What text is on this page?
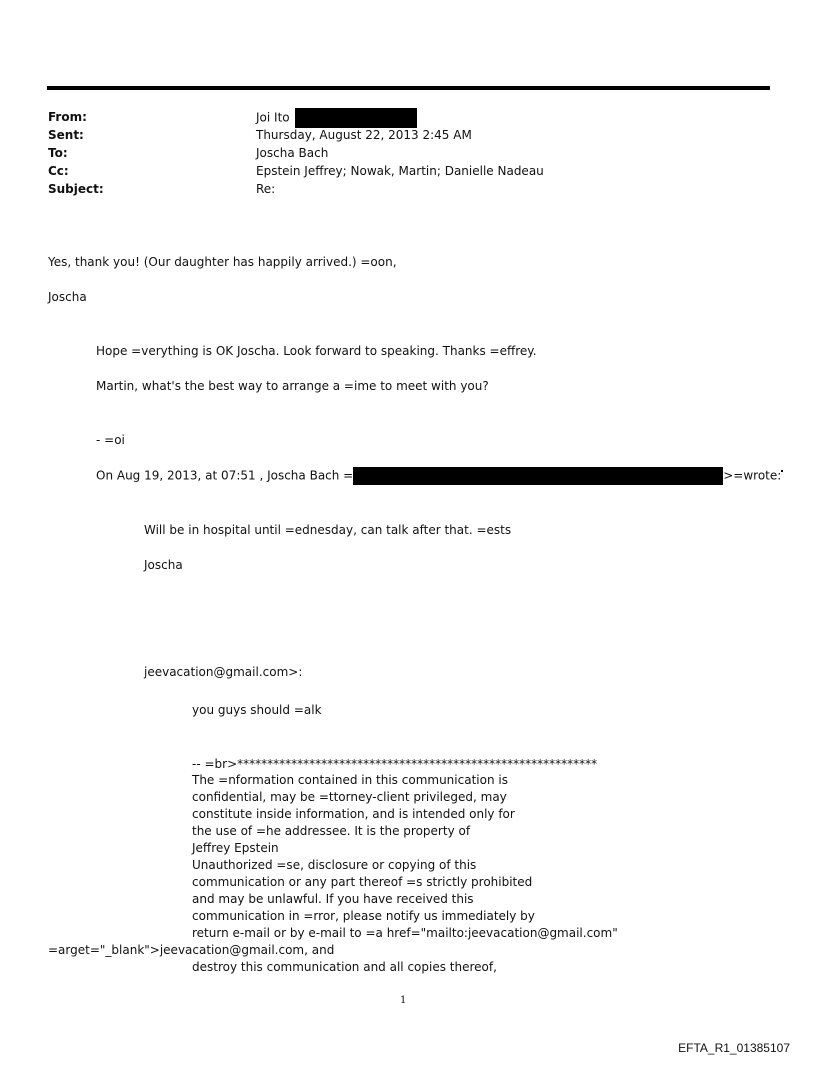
From:	Joi Ito
Sent:	Thursday, August 22, 2013 2:45 AM
To:	Joscha Bach
Cc:	Epstein Jeffrey; Nowak, Martin; Danielle Nadeau
Subject:	Re:
Yes, thank you! (Our daughter has happily arrived.) =oon,
Joscha
Hope =verything is OK Joscha. Look forward to speaking. Thanks =effrey.
Martin, what's the best way to arrange a =ime to meet with you?
- =oi
On Aug 19, 2013, at 07:51 , Joscha Bach =	>=wrote:
Will be in hospital until =ednesday, can talk after that. =ests
Joscha
jeevacation@gmail.com>:
you guys should =alk
-- =br>************************************************************
The =nformation contained in this communication is
confidential, may be =ttorney-client privileged, may
constitute inside information, and is intended only for
the use of =he addressee. It is the property of
Jeffrey Epstein
Unauthorized =se, disclosure or copying of this
communication or any part thereof =s strictly prohibited
and may be unlawful. If you have received this
communication in =rror, please notify us immediately by
return e-mail or by e-mail to =a href="mailto:jeevacation@gmail.com"
=arget="_blank">jeevacation@gmail.com, and
destroy this communication and all copies thereof,
1
EFTA_R1_01385107
